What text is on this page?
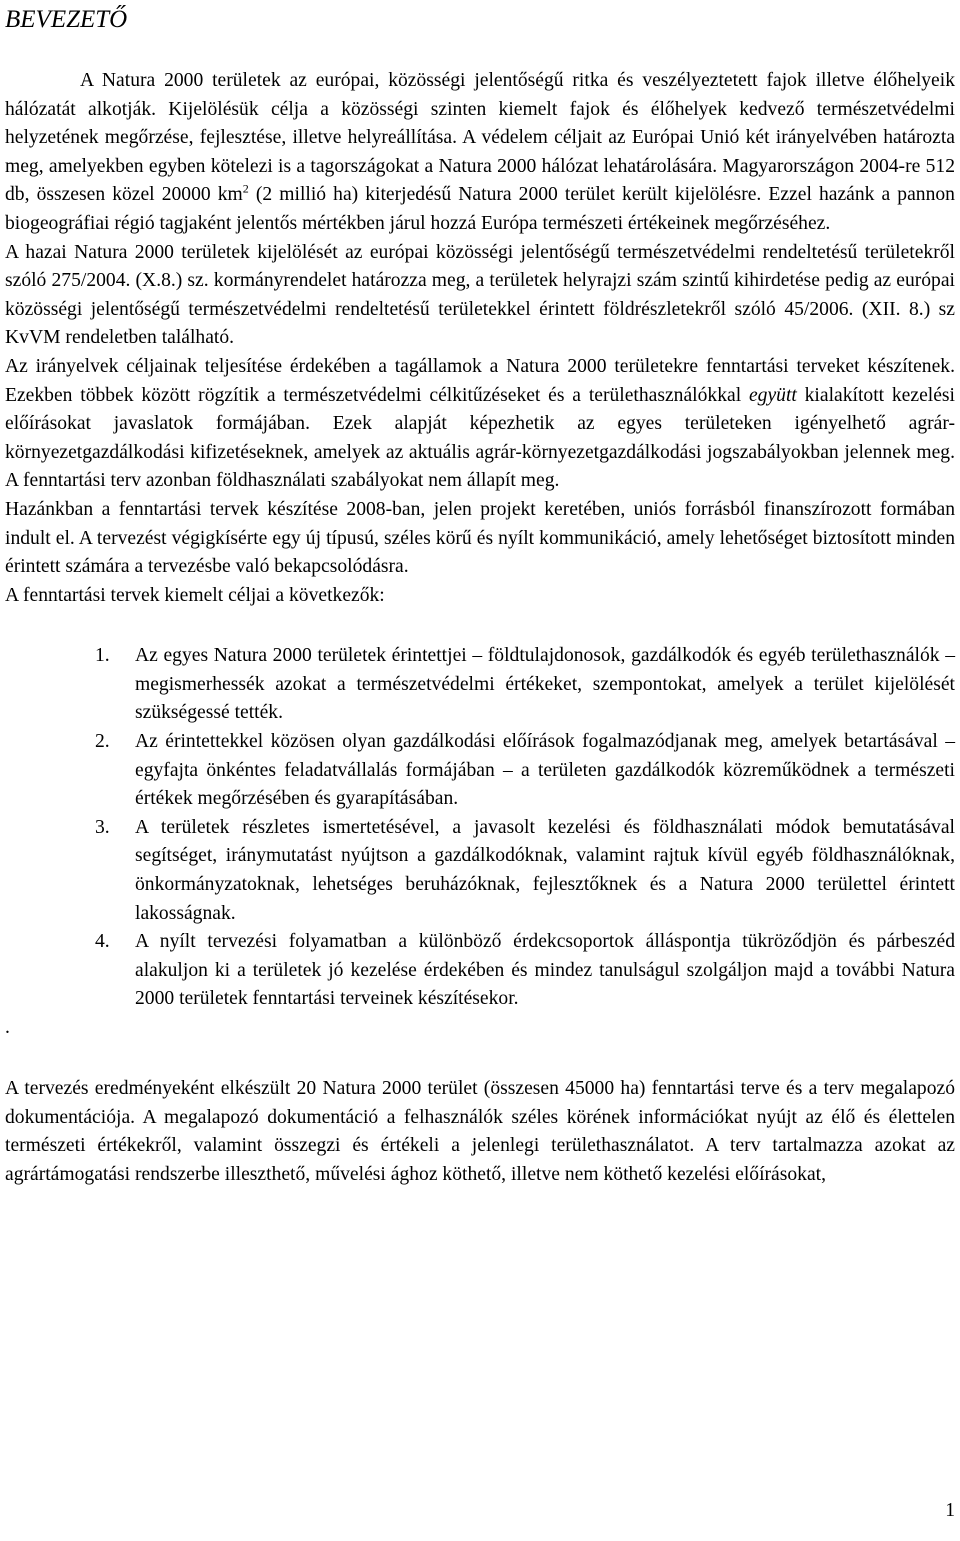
BEVEZETŐ

A Natura 2000 területek az európai, közösségi jelentőségű ritka és veszélyeztetett fajok illetve élőhelyeik hálózatát alkotják. Kijelölésük célja a közösségi szinten kiemelt fajok és élőhelyek kedvező természetvédelmi helyzetének megőrzése, fejlesztése, illetve helyreállítása. A védelem céljait az Európai Unió két irányelvében határozta meg, amelyekben egyben kötelezi is a tagországokat a Natura 2000 hálózat lehatárolására. Magyarországon 2004-re 512 db, összesen közel 20000 $km^2$ (2 millió ha) kiterjedésű Natura 2000 terület került kijelölésre. Ezzel hazánk a pannon biogeográfiai régió tagjaként jelentős mértékben járul hozzá Európa természeti értékeinek megőrzéséhez.

A hazai Natura 2000 területek kijelölését az európai közösségi jelentőségű természetvédelmi rendeltetésű területekről szóló 275/2004. (X.8.) sz. kormányrendelet határozza meg, a területek helyrajzi szám szintű kihirdetése pedig az európai közösségi jelentőségű természetvédelmi rendeltetésű területekkel érintett földrészletekről szóló 45/2006. (XII. 8.) sz KvVM rendeletben található.

Az irányelvek céljainak teljesítése érdekében a tagállamok a Natura 2000 területekre fenntartási terveket készítenek. Ezekben többek között rögzítik a természetvédelmi célkitűzéseket és a területhasználókkal együtt kialakított kezelési előírásokat javaslatok formájában. Ezek alapját képezhetik az egyes területeken igényelhető agrár-környezetgazdálkodási kifizetéseknek, amelyek az aktuális agrár-környezetgazdálkodási jogszabályokban jelennek meg. A fenntartási terv azonban földhasználati szabályokat nem állapít meg.

Hazánkban a fenntartási tervek készítése 2008-ban, jelen projekt keretében, uniós forrásból finanszírozott formában indult el. A tervezést végigkísérte egy új típusú, széles körű és nyílt kommunikáció, amely lehetőséget biztosított minden érintett számára a tervezésbe való bekapcsolódásra.

A fenntartási tervek kiemelt céljai a következők:

1. Az egyes Natura 2000 területek érintettjei – földtulajdonosok, gazdálkodók és egyéb területhasználók – megismerhessék azokat a természetvédelmi értékeket, szempontokat, amelyek a terület kijelölését szükségessé tették.
2. Az érintettekkel közösen olyan gazdálkodási előírások fogalmazódjanak meg, amelyek betartásával – egyfajta önkéntes feladatvállalás formájában – a területen gazdálkodók közreműködnek a természeti értékek megőrzésében és gyarapításában.
3. A területek részletes ismertetésével, a javasolt kezelési és földhasználati módok bemutatásával segítséget, iránymutatást nyújtson a gazdálkodóknak, valamint rajtuk kívül egyéb földhasználóknak, önkormányzatoknak, lehetséges beruházóknak, fejlesztőknek és a Natura 2000 területtel érintett lakosságnak.
4. A nyílt tervezési folyamatban a különböző érdekcsoportok álláspontja tükröződjön és párbeszéd alakuljon ki a területek jó kezelése érdekében és mindez tanulságul szolgáljon majd a további Natura 2000 területek fenntartási terveinek készítésekor.

.

A tervezés eredményeként elkészült 20 Natura 2000 terület (összesen 45000 ha) fenntartási terve és a terv megalapozó dokumentációja. A megalapozó dokumentáció a felhasználók széles körének információkat nyújt az élő és élettelen természeti értékekről, valamint összegzi és értékeli a jelenlegi területhasználatot. A terv tartalmazza azokat az agrártámogatási rendszerbe illeszthető, művelési ághoz köthető, illetve nem köthető kezelési előírásokat,

1
